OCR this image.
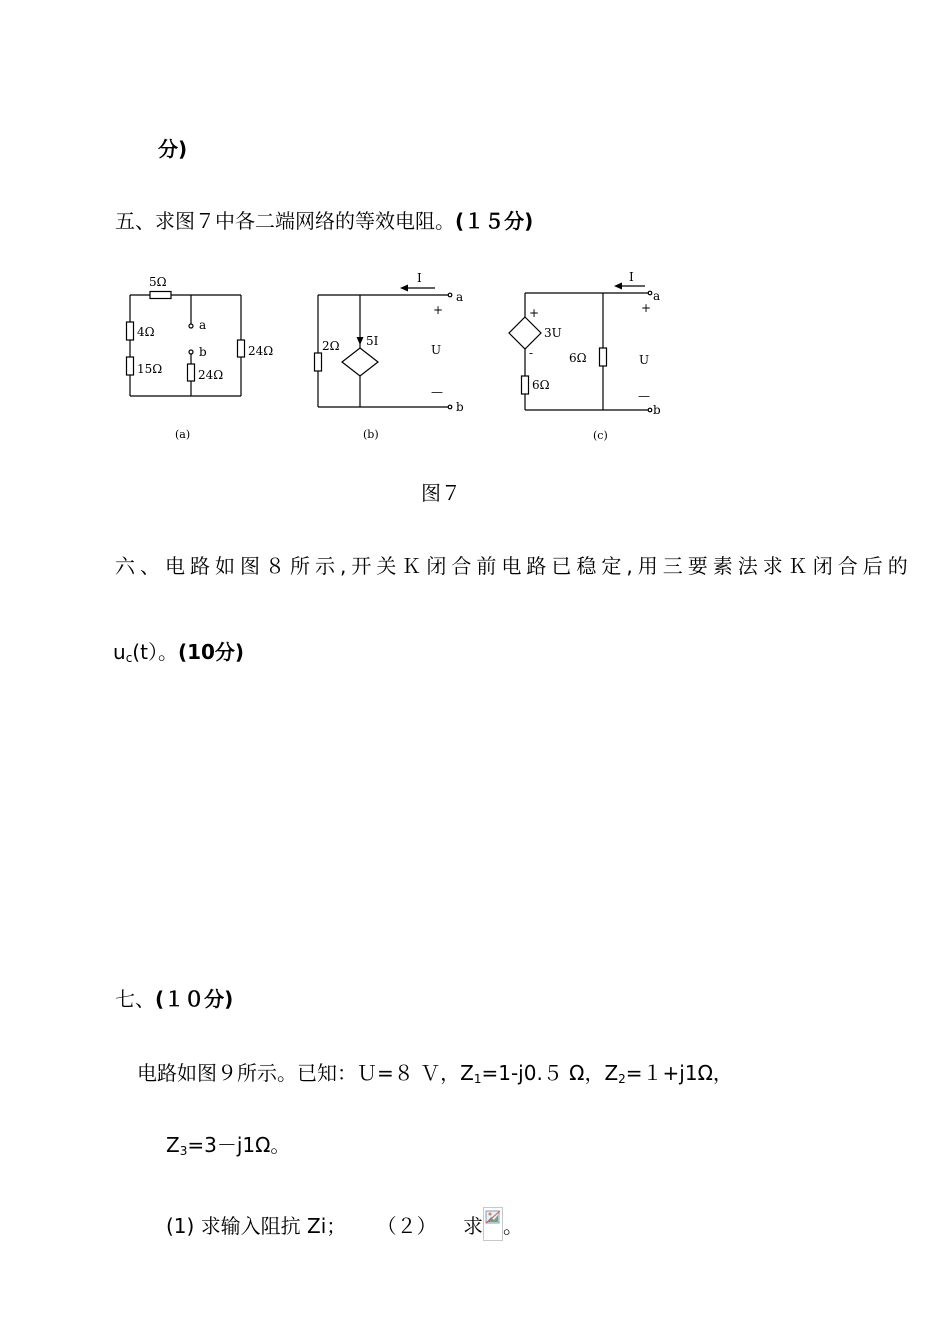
分)
五、求图７中各二端网络的等效电阻。(１５分)
5Ω
4Ω
15Ω	24Ω
24Ω
a
b
(a)
2Ω 5I
I
U
+
—
a
b
(b)
+
-
3U
6Ω
6Ω
I
U
+
—
a
b
(c)
图７
六、电路如图８所示,开关Ｋ闭合前电路已稳定,用三要素法求Ｋ闭合后的
$u_c(t)$。(10分)
七、(１０分)
电路如图９所示。已知：Ｕ=８ Ｖ，$Z_1=1-j0.5$ Ω，$Z_2=1+j1\Omega$，
$Z_3=3-j1\Omega$。
(1) 求输入阻抗 Zi； （２） 求 。
